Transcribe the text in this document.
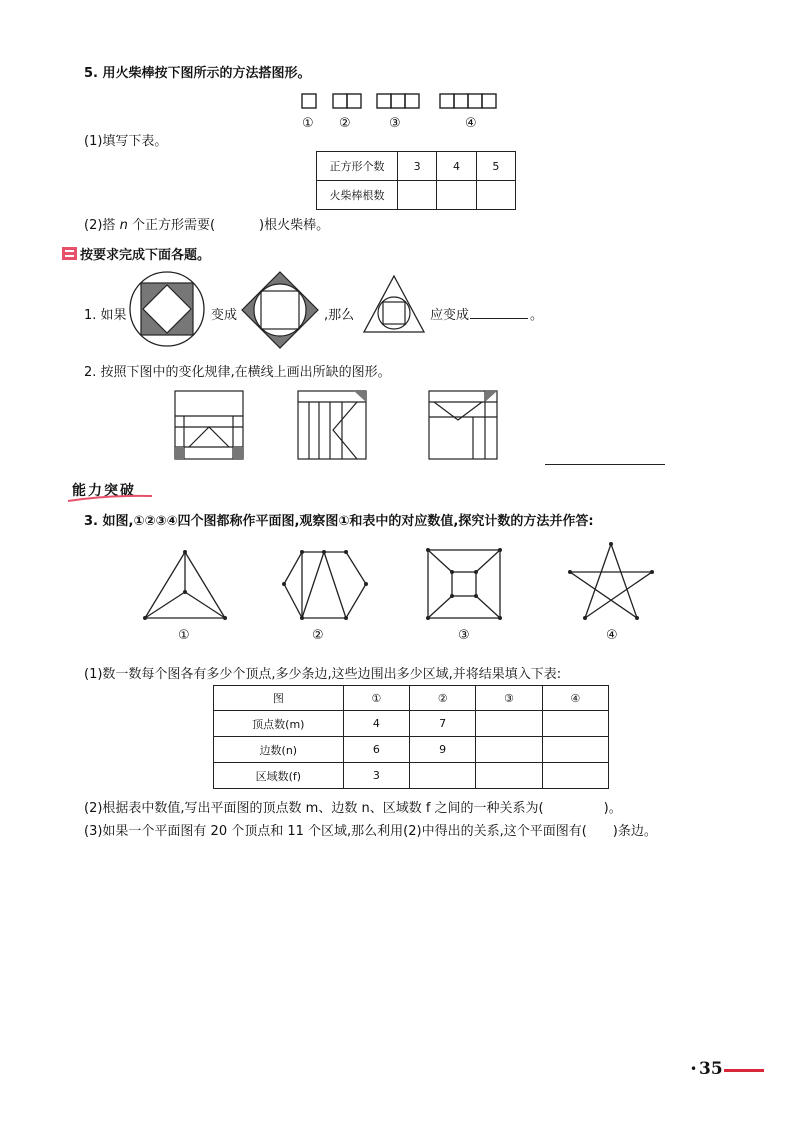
5. 用火柴棒按下图所示的方法搭图形。
① ②	③	④
(1)填写下表。
正方形个数	3	4	5
火柴棒根数			
(2)搭 n 个正方形需要(	)根火柴棒。
按要求完成下面各题。
1. 如果	变成	,那么	应变成	。
2. 按照下图中的变化规律,在横线上画出所缺的图形。
能力突破
3. 如图,①②③④四个图都称作平面图,观察图①和表中的对应数值,探究计数的方法并作答:
①	②	③	④
(1)数一数每个图各有多少个顶点,多少条边,这些边围出多少区域,并将结果填入下表:
图	①	②	③	④
顶点数(m)	4	7		
边数(n)	6	9		
区域数(f)	3			
(2)根据表中数值,写出平面图的顶点数 m、边数 n、区域数 f 之间的一种关系为(	)。
(3)如果一个平面图有 20 个顶点和 11 个区域,那么利用(2)中得出的关系,这个平面图有( )条边。
• 35
